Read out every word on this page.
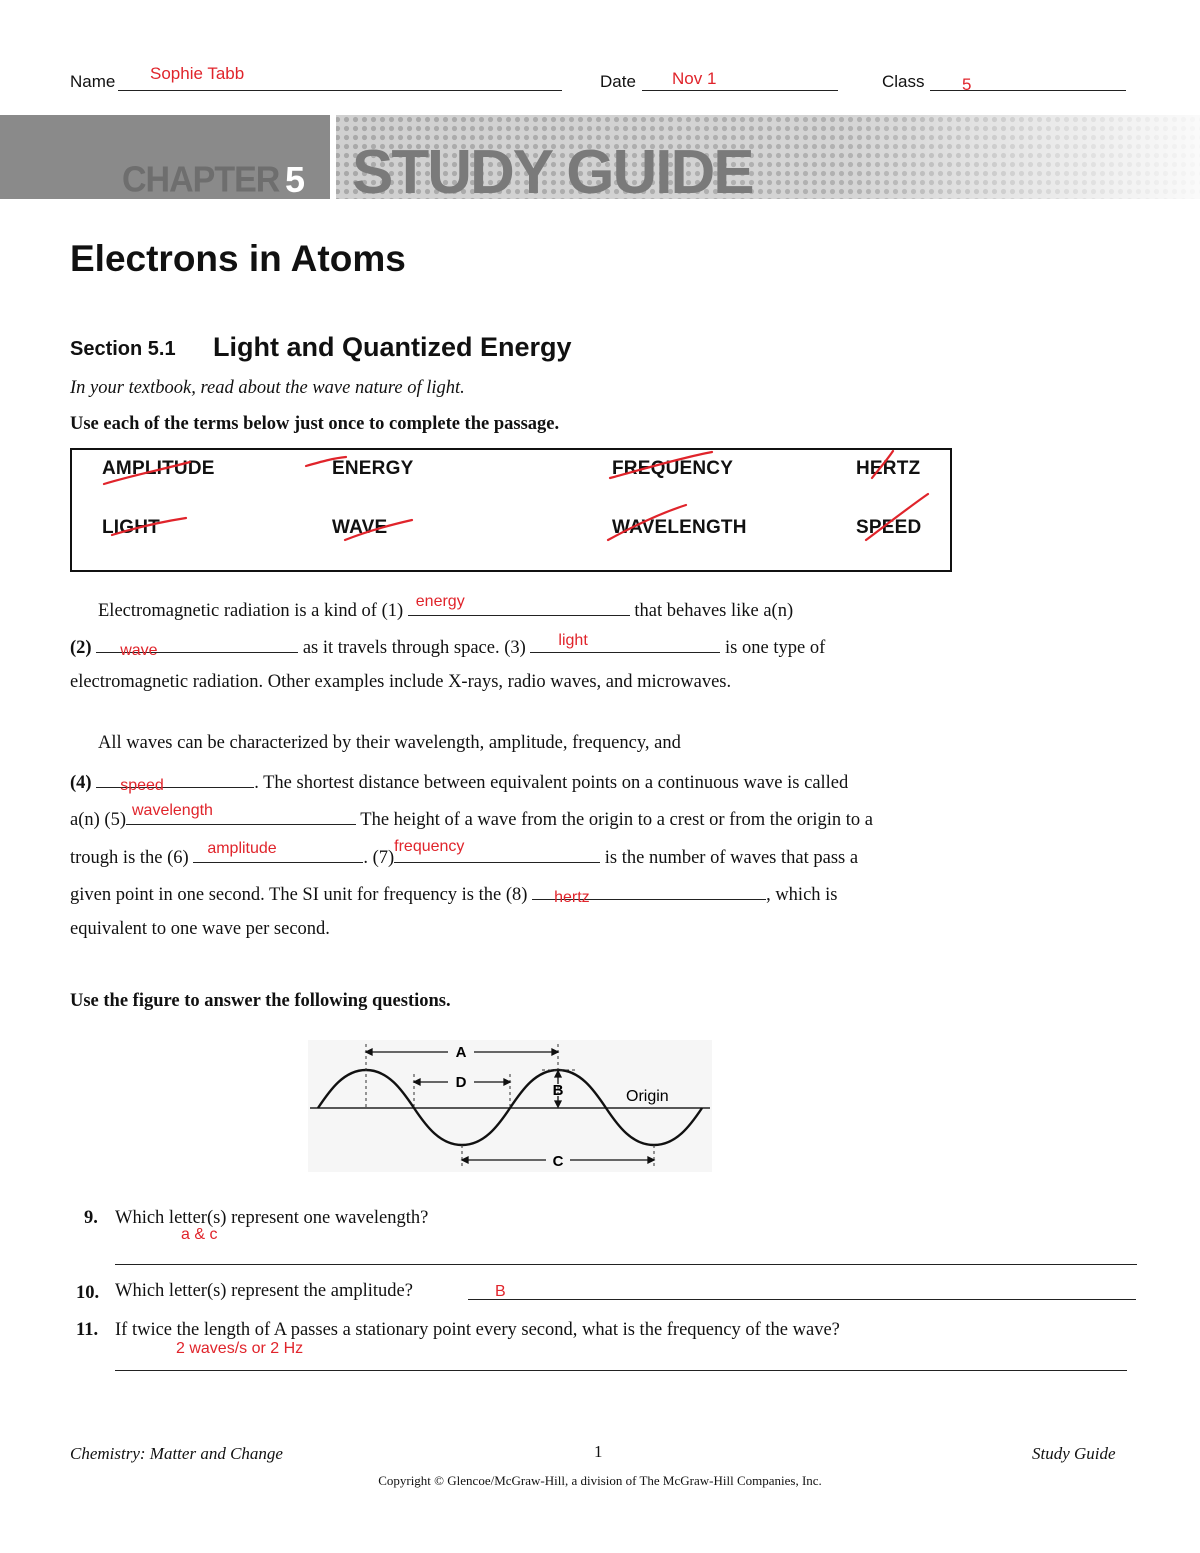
Name Sophie Tabb	Date Nov 1	Class 5
CHAPTER 5 STUDY GUIDE
Electrons in Atoms
Section 5.1 Light and Quantized Energy
In your textbook, read about the wave nature of light.
Use each of the terms below just once to complete the passage.
AMPLITUDE	ENERGY	FREQUENCY	HERTZ
LIGHT	WAVE	WAVELENGTH	SPEED
Electromagnetic radiation is a kind of (1) energy	that behaves like a(n)
(2) wave	as it travels through space. (3) light	is one type of
electromagnetic radiation. Other examples include X-rays, radio waves, and microwaves.
All waves can be characterized by their wavelength, amplitude, frequency, and
(4) speed	. The shortest distance between equivalent points on a continuous wave is called
a(n) (5) wavelength	The height of a wave from the origin to a crest or from the origin to a
trough is the (6) amplitude	. (7)
frequency
is the number of waves that pass a
given point in one second. The SI unit for frequency is the (8) hertz	, which is
equivalent to one wave per second.
Use the figure to answer the following questions.
A
D	B
C
Origin
9. Which letter(s) represent one wavelength?
a & c
10. Which letter(s) represent the amplitude?	B
11. If twice the length of A passes a stationary point every second, what is the frequency of the wave?
2 waves/s or 2 Hz
Chemistry: Matter and Change	1	Study Guide
Copyright © Glencoe/McGraw-Hill, a division of The McGraw-Hill Companies, Inc.
